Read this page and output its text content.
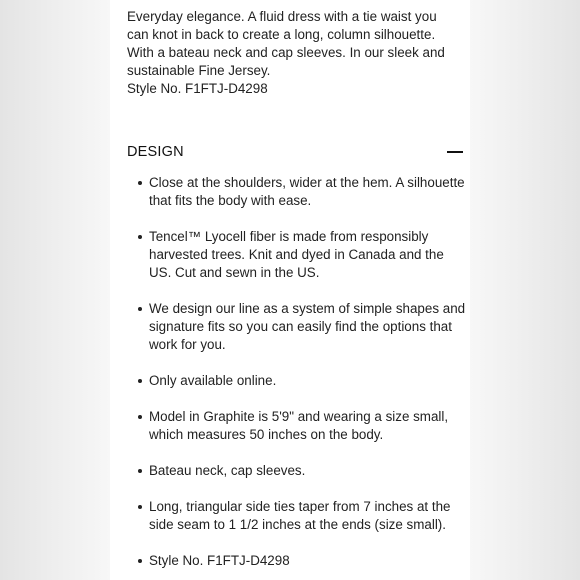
Everyday elegance. A fluid dress with a tie waist you can knot in back to create a long, column silhouette. With a bateau neck and cap sleeves. In our sleek and sustainable Fine Jersey.

Style No. F1FTJ-D4298

DESIGN
Close at the shoulders, wider at the hem. A silhouette that fits the body with ease.
Tencel™ Lyocell fiber is made from responsibly harvested trees. Knit and dyed in Canada and the US. Cut and sewn in the US.
We design our line as a system of simple shapes and signature fits so you can easily find the options that work for you.
Only available online.
Model in Graphite is 5'9" and wearing a size small, which measures 50 inches on the body.
Bateau neck, cap sleeves.
Long, triangular side ties taper from 7 inches at the side seam to 1 1/2 inches at the ends (size small).
Style No. F1FTJ-D4298
